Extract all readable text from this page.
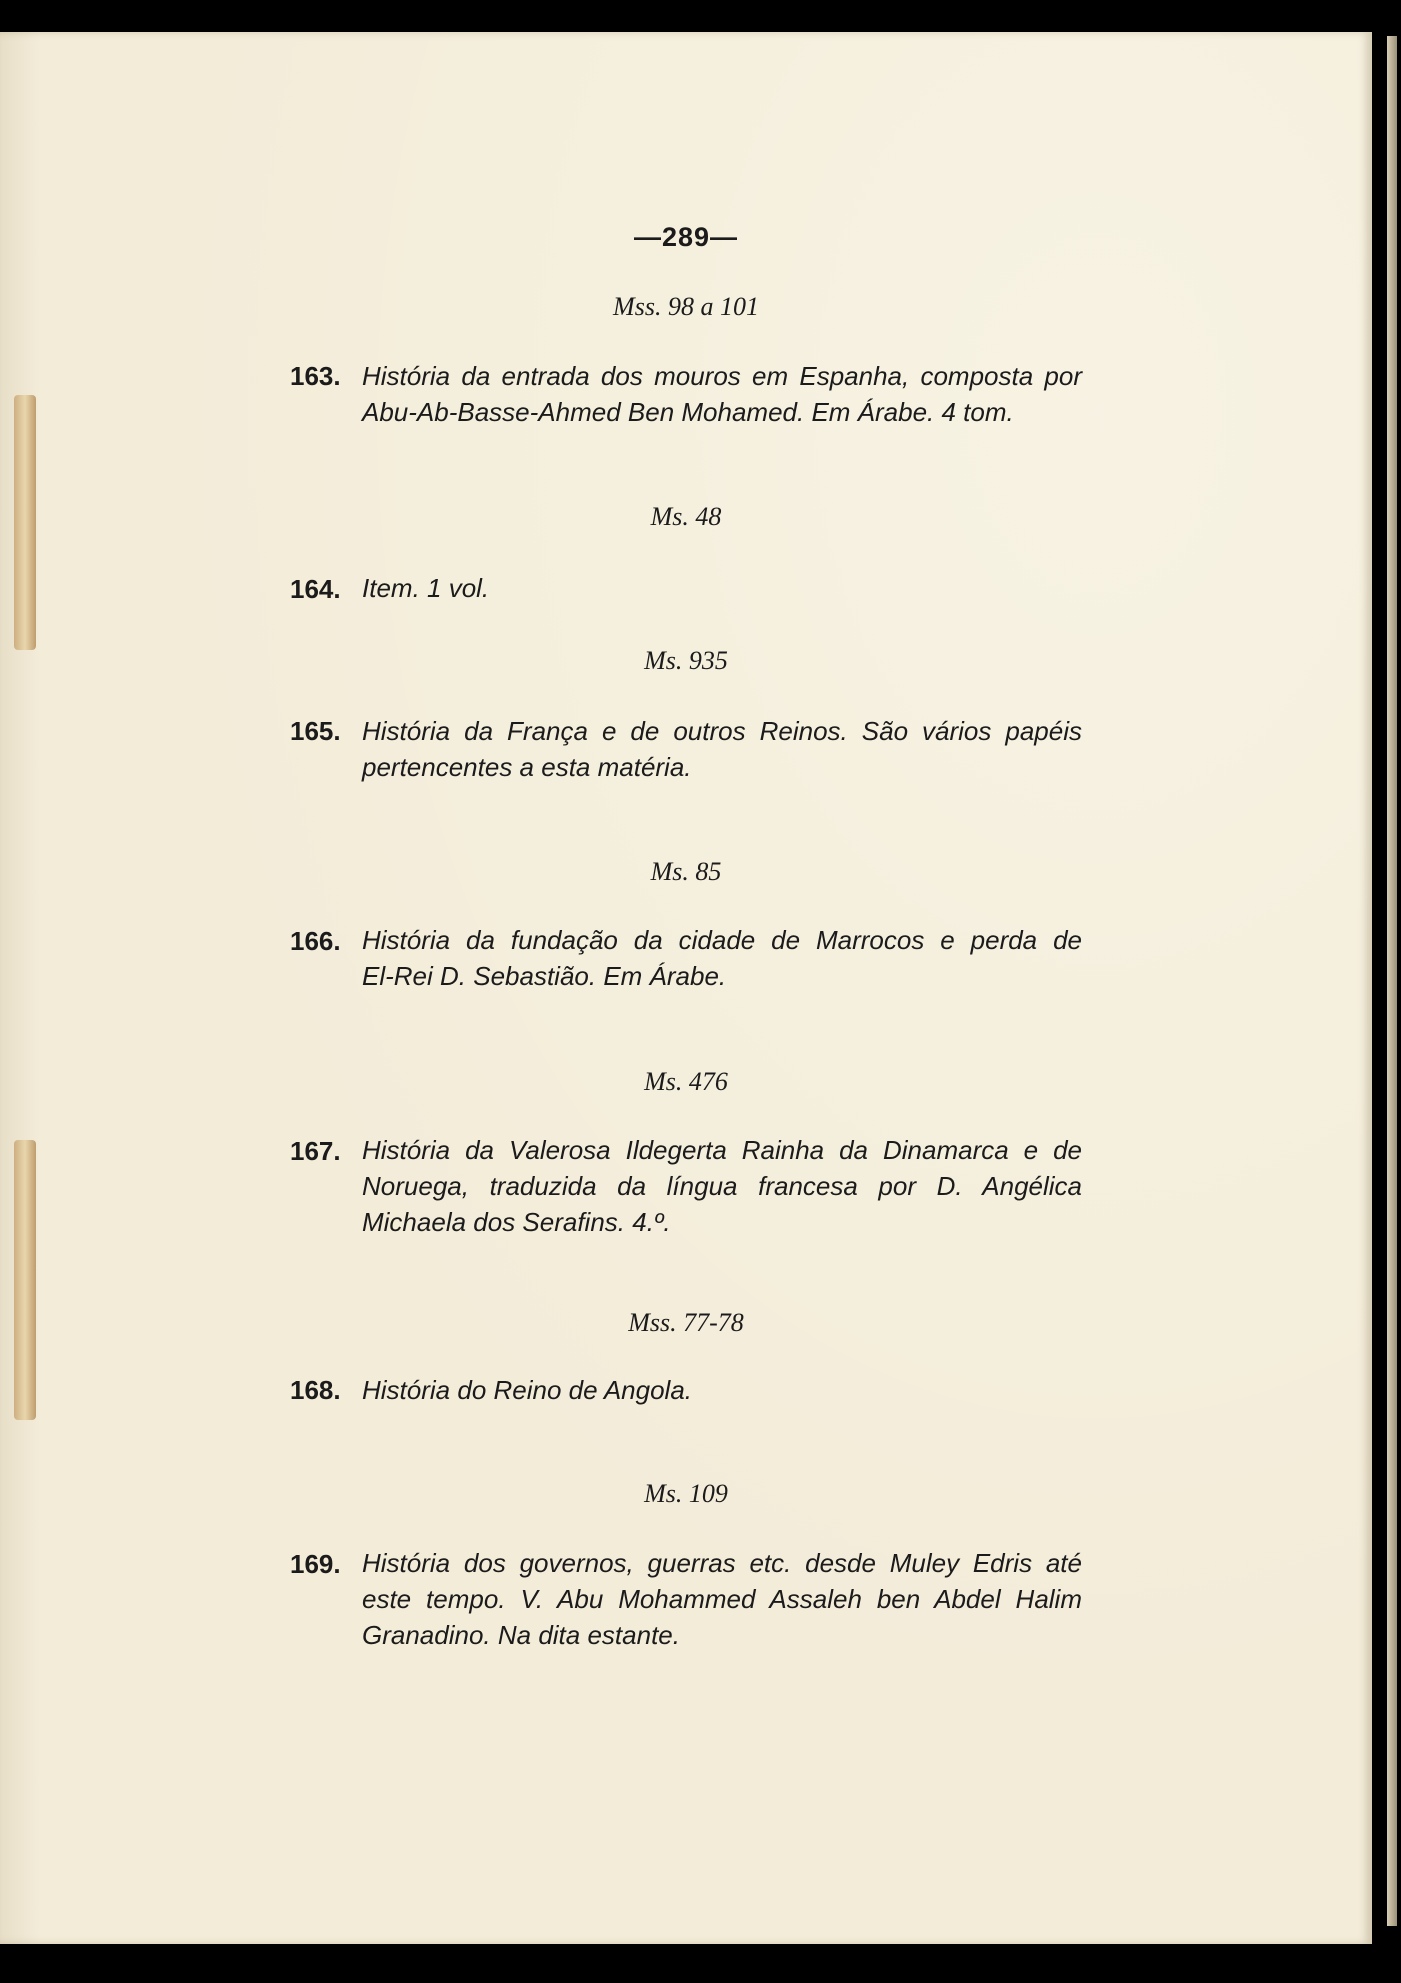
—289—
Mss. 98 a 101
163. História da entrada dos mouros em Espanha, composta por
Abu-Ab-Basse-Ahmed Ben Mohamed. Em Árabe. 4 tom.
Ms. 48
164. Item. 1 vol.
Ms. 935
165. História da França e de outros Reinos. São vários papéis
pertencentes a esta matéria.
Ms. 85
166. História da fundação da cidade de Marrocos e perda de
El-Rei D. Sebastião. Em Árabe.
Ms. 476
167. História da Valerosa Ildegerta Rainha da Dinamarca e de
Noruega, traduzida da língua francesa por D. Angélica
Michaela dos Serafins. 4.º.
Mss. 77-78
168. História do Reino de Angola.
Ms. 109
169. História dos governos, guerras etc. desde Muley Edris até
este tempo. V. Abu Mohammed Assaleh ben Abdel Halim
Granadino. Na dita estante.
